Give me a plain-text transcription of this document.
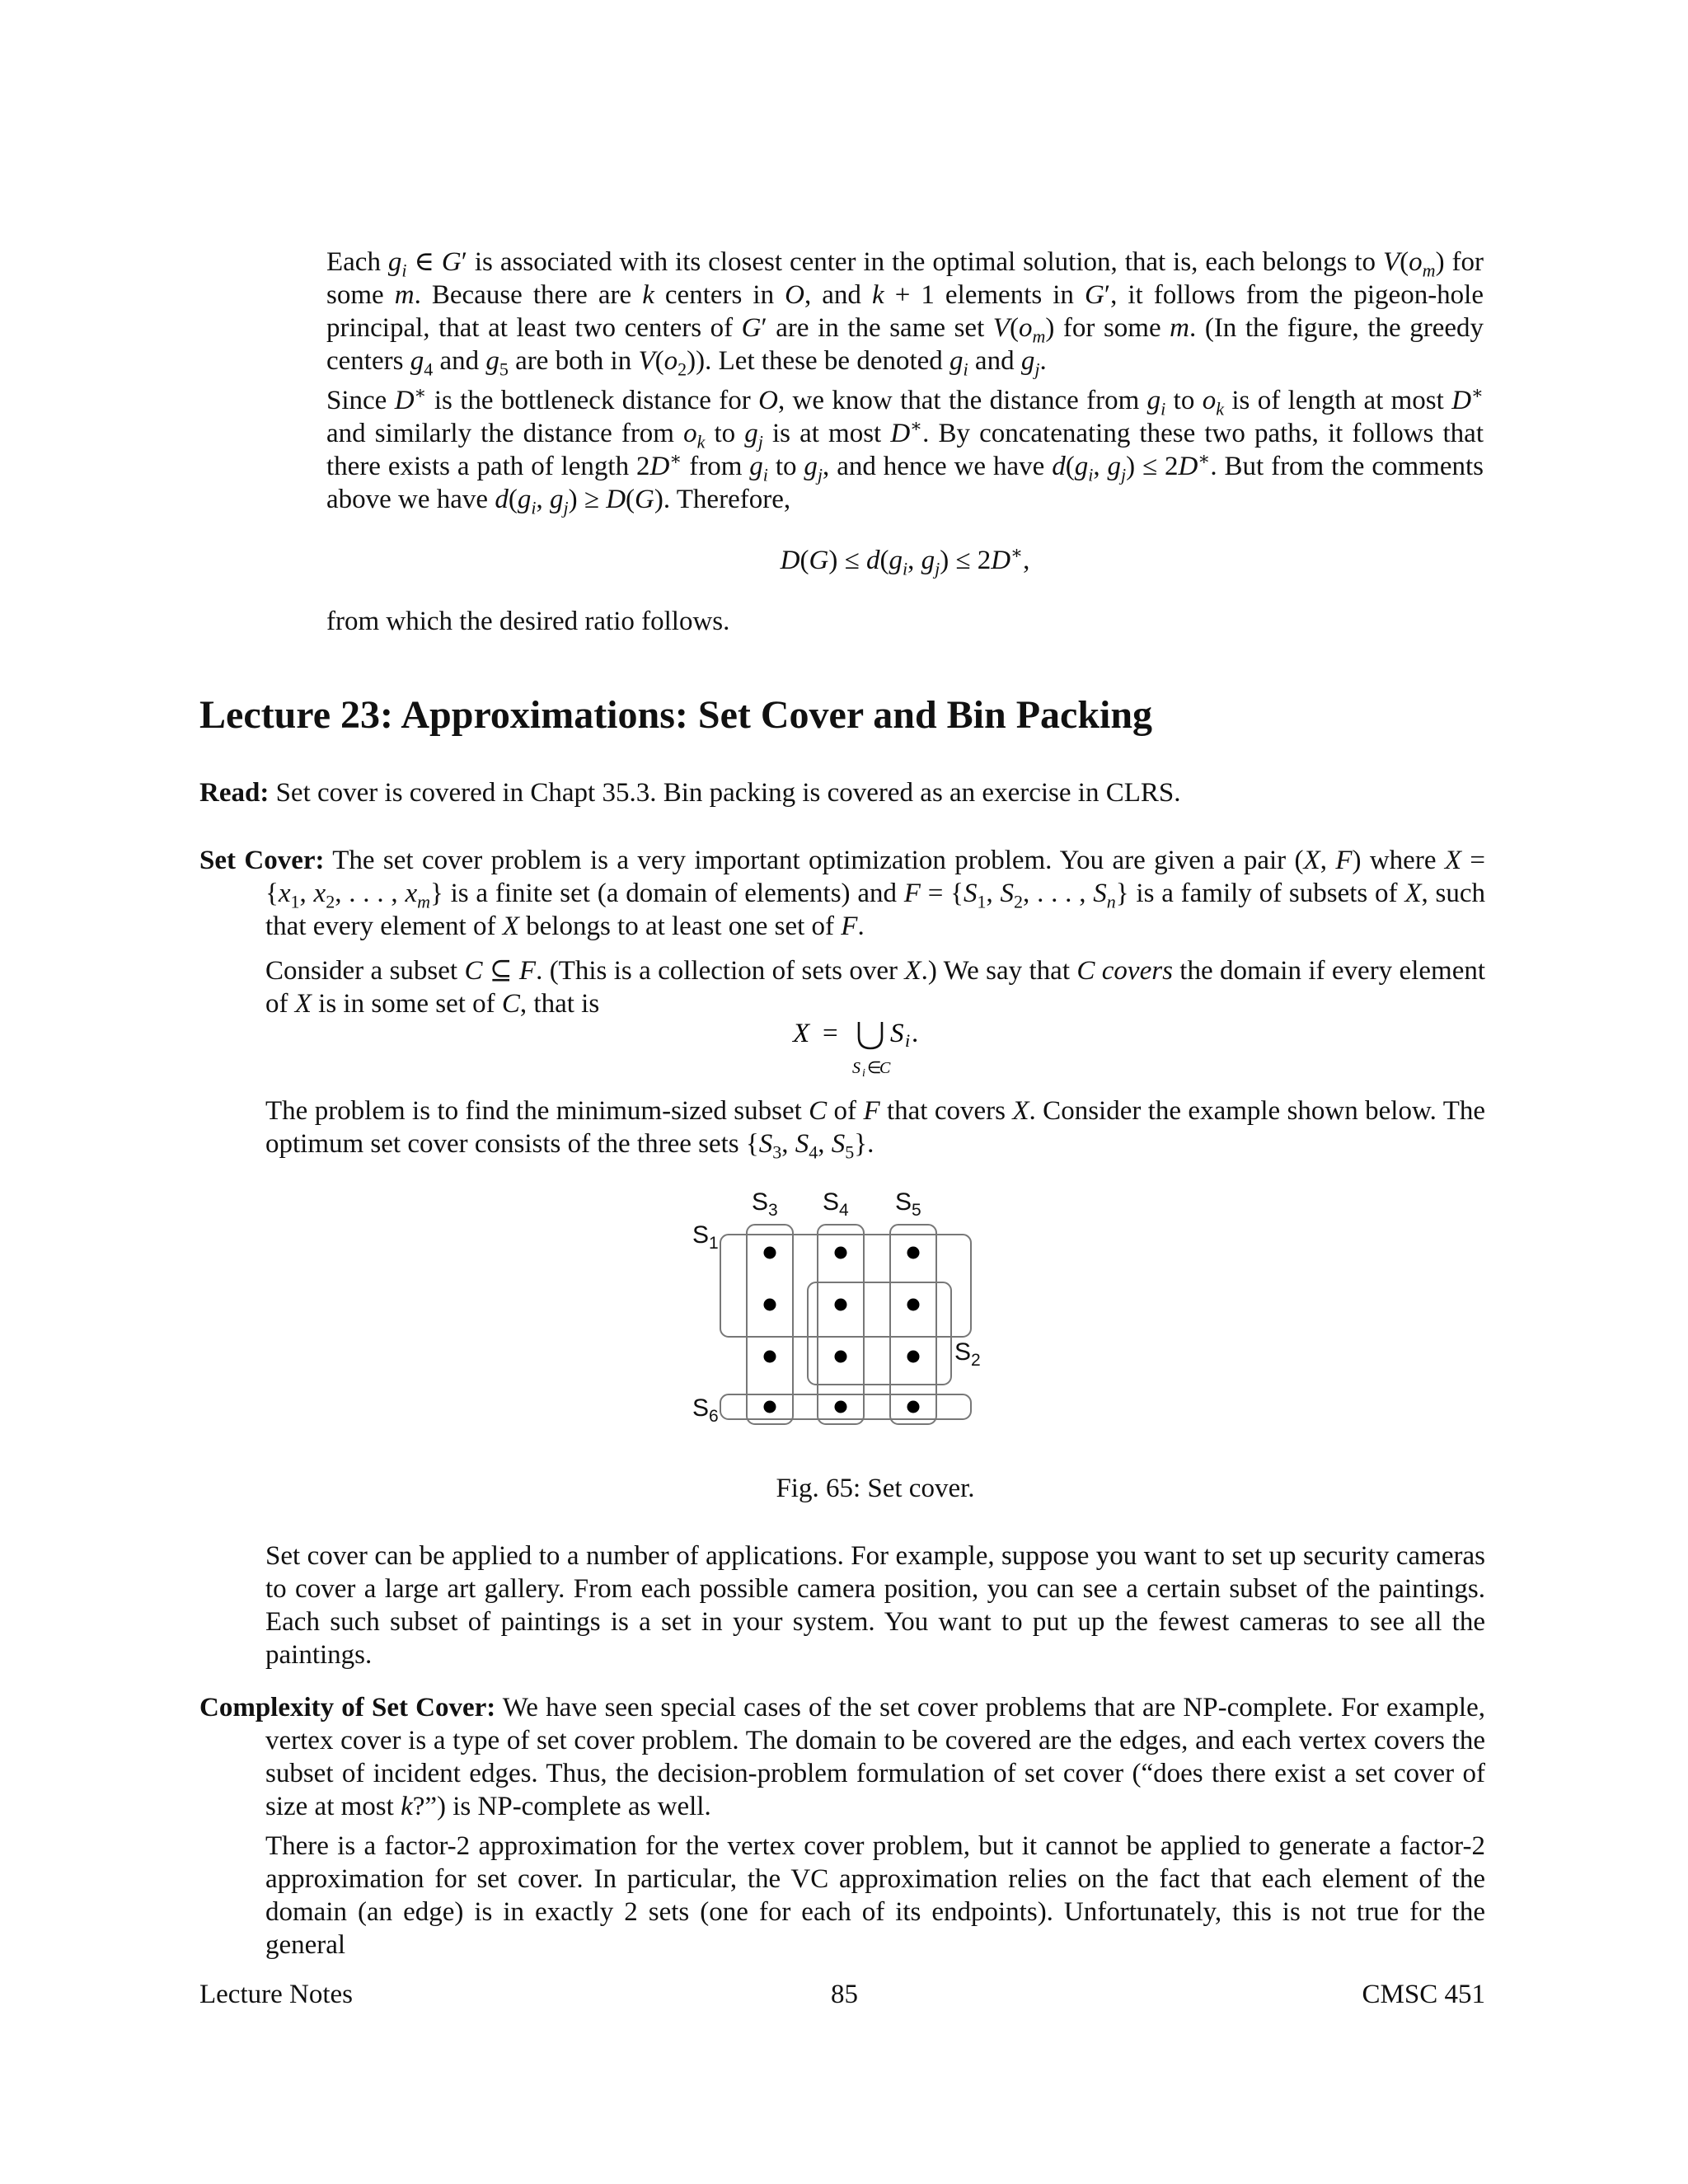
Each $g_i$ ∈ G′ is associated with its closest center in the optimal solution, that is, each belongs to $V(o_m)$ for some m. Because there are k centers in O, and k + 1 elements in G′, it follows from the pigeon-hole principal, that at least two centers of G′ are in the same set $V(o_m)$ for some m. (In the figure, the greedy centers $g_4$ and $g_5$ are both in $V(o_2)$). Let these be denoted $g_i$ and $g_j$.

Since D∗ is the bottleneck distance for O, we know that the distance from $g_i$ to $o_k$ is of length at most D∗ and similarly the distance from $o_k$ to $g_j$ is at most D∗. By concatenating these two paths, it follows that there exists a path of length 2D∗ from $g_i$ to $g_j$, and hence we have $d(g_i$, $g_j) \le 2D^∗$. But from the comments above we have $d(g_i$, $g_j) \ge D(G)$. Therefore,

$D(G) \le d(g_i$, $g_j) \le 2D^∗$,

from which the desired ratio follows.

Lecture 23: Approximations: Set Cover and Bin Packing

Read: Set cover is covered in Chapt 35.3. Bin packing is covered as an exercise in CLRS.

Set Cover: The set cover problem is a very important optimization problem. You are given a pair (X, F) where $X = \{x_1$, $x_2$, . . . , $x_m$} is a finite set (a domain of elements) and $F = \{S_1$, $S_2$, . . . , $S_n$} is a family of subsets of X, such that every element of X belongs to at least one set of F.

Consider a subset C ⊆ F. (This is a collection of sets over X.) We say that C covers the domain if every element of X is in some set of C, that is

X = S i .
S i ∈
C

The problem is to find the minimum-sized subset C of F that covers X. Consider the example shown below. The optimum set cover consists of the three sets {$S_3$, $S_4$, $S_5$}.

$S_3$ $S_4$ $S_5$
$S_1$
$S_2$
$S_6$
Fig. 65: Set cover.

Set cover can be applied to a number of applications. For example, suppose you want to set up security cameras to cover a large art gallery. From each possible camera position, you can see a certain subset of the paintings. Each such subset of paintings is a set in your system. You want to put up the fewest cameras to see all the paintings.

Complexity of Set Cover: We have seen special cases of the set cover problems that are NP-complete. For example, vertex cover is a type of set cover problem. The domain to be covered are the edges, and each vertex covers the subset of incident edges. Thus, the decision-problem formulation of set cover (“does there exist a set cover of size at most k?”) is NP-complete as well.

There is a factor-2 approximation for the vertex cover problem, but it cannot be applied to generate a factor-2 approximation for set cover. In particular, the VC approximation relies on the fact that each element of the domain (an edge) is in exactly 2 sets (one for each of its endpoints). Unfortunately, this is not true for the general

Lecture Notes	85	CMSC 451
